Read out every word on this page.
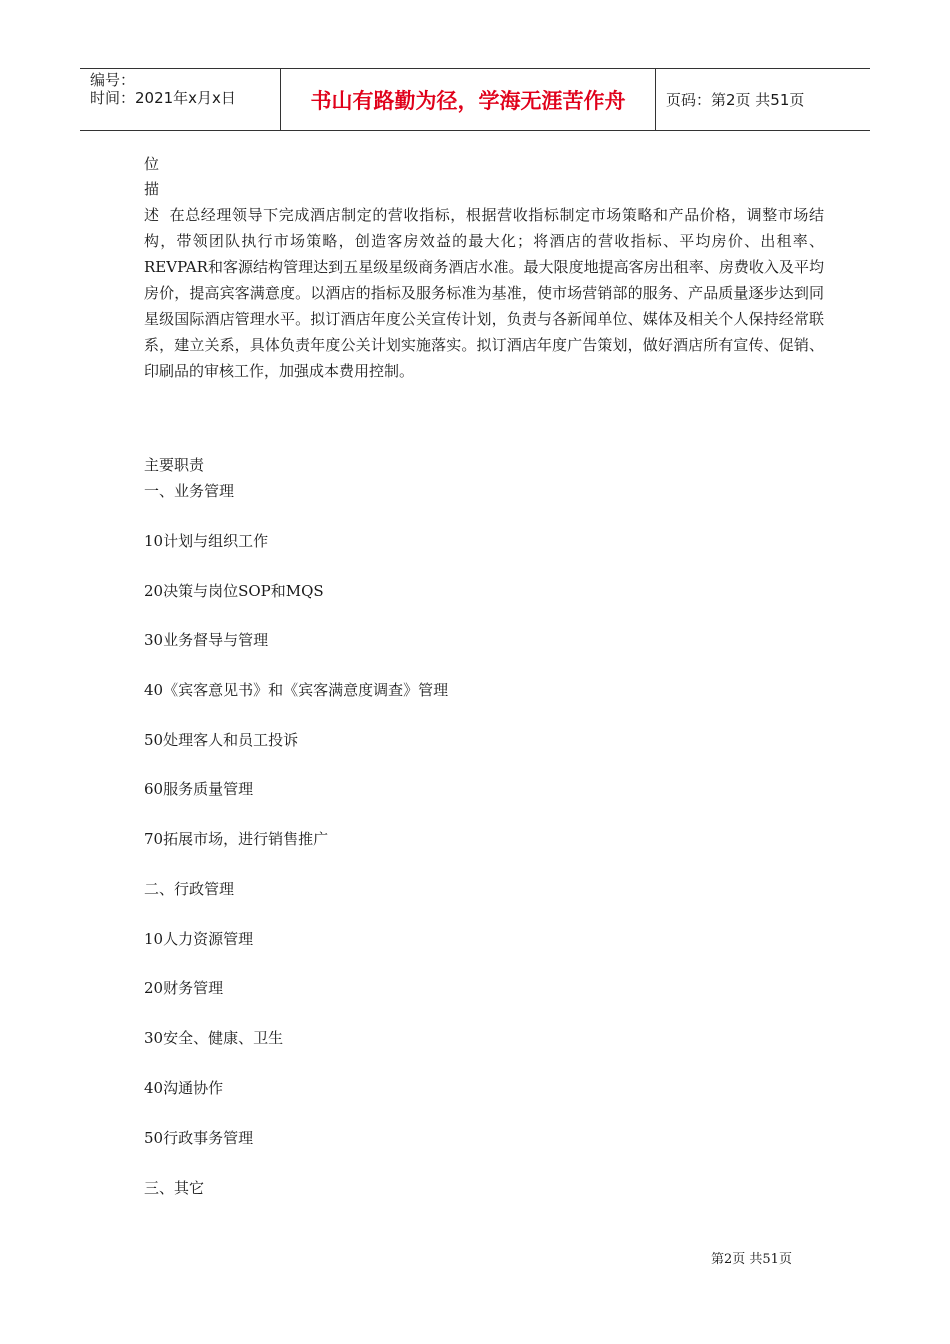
编号：
时间：2021年x月x日	书山有路勤为径，学海无涯苦作舟	页码：第2页 共51页
位
描
述 在总经理领导下完成酒店制定的营收指标，根据营收指标制定市场策略和产品价格，调整市场结构，带领团队执行市场策略，创造客房效益的最大化；将酒店的营收指标、平均房价、出租率、REVPAR和客源结构管理达到五星级星级商务酒店水准。最大限度地提高客房出租率、房费收入及平均房价，提高宾客满意度。以酒店的指标及服务标准为基准，使市场营销部的服务、产品质量逐步达到同星级国际酒店管理水平。拟订酒店年度公关宣传计划，负责与各新闻单位、媒体及相关个人保持经常联系，建立关系，具体负责年度公关计划实施落实。拟订酒店年度广告策划，做好酒店所有宣传、促销、印刷品的审核工作，加强成本费用控制。
主要职责
一、业务管理
10计划与组织工作
20决策与岗位SOP和MQS
30业务督导与管理
40《宾客意见书》和《宾客满意度调查》管理
50处理客人和员工投诉
60服务质量管理
70拓展市场，进行销售推广
二、行政管理
10人力资源管理
20财务管理
30安全、健康、卫生
40沟通协作
50行政事务管理
三、其它
第2页 共51页
